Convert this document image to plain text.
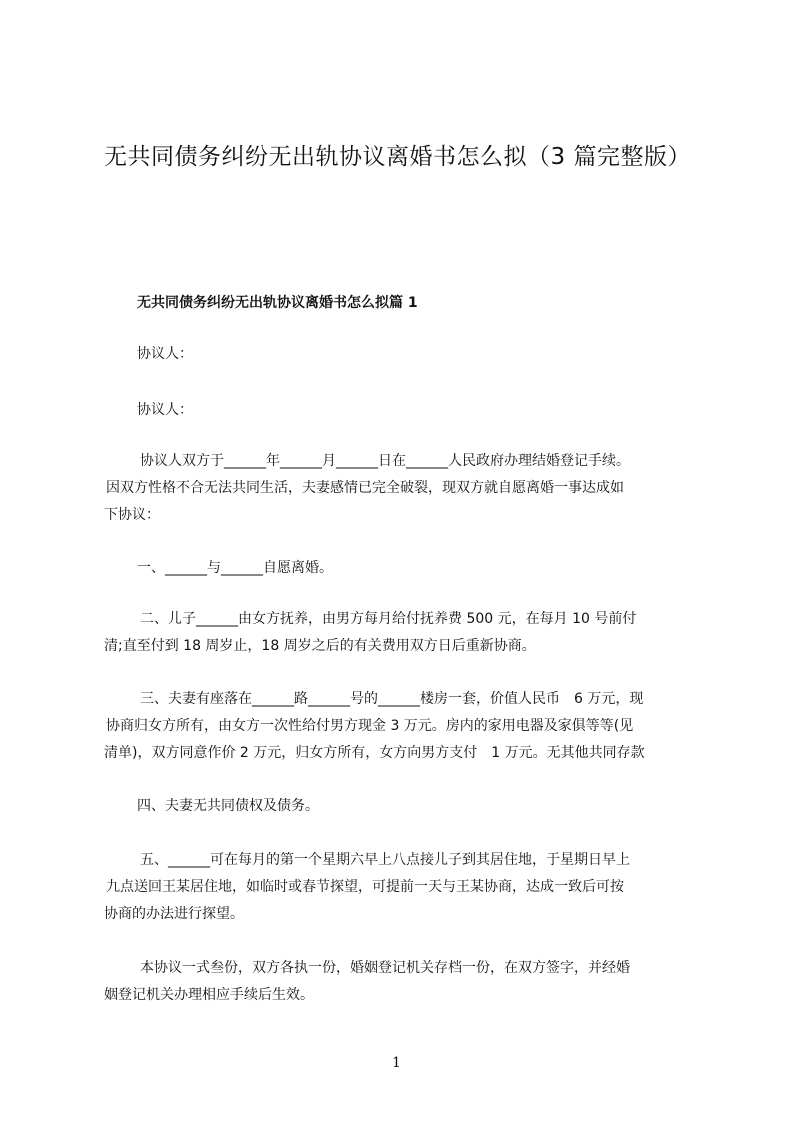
无共同债务纠纷无出轨协议离婚书怎么拟（3 篇完整版）
无共同债务纠纷无出轨协议离婚书怎么拟篇 1
协议人：
协议人：
协议人双方于______年______月______日在______人民政府办理结婚登记手续。
因双方性格不合无法共同生活，夫妻感情已完全破裂，现双方就自愿离婚一事达成如
下协议：
一、______与______自愿离婚。
二、儿子______由女方抚养，由男方每月给付抚养费 500 元，在每月 10 号前付
清;直至付到 18 周岁止，18 周岁之后的有关费用双方日后重新协商。
三、夫妻有座落在______路______号的______楼房一套，价值人民币　6 万元，现
协商归女方所有，由女方一次性给付男方现金 3 万元。房内的家用电器及家俱等等(见
清单)，双方同意作价 2 万元，归女方所有，女方向男方支付　1 万元。无其他共同存款
四、夫妻无共同债权及债务。
五、______可在每月的第一个星期六早上八点接儿子到其居住地，于星期日早上
九点送回王某居住地，如临时或春节探望，可提前一天与王某协商，达成一致后可按
协商的办法进行探望。
本协议一式叁份，双方各执一份，婚姻登记机关存档一份，在双方签字，并经婚
姻登记机关办理相应手续后生效。
1
